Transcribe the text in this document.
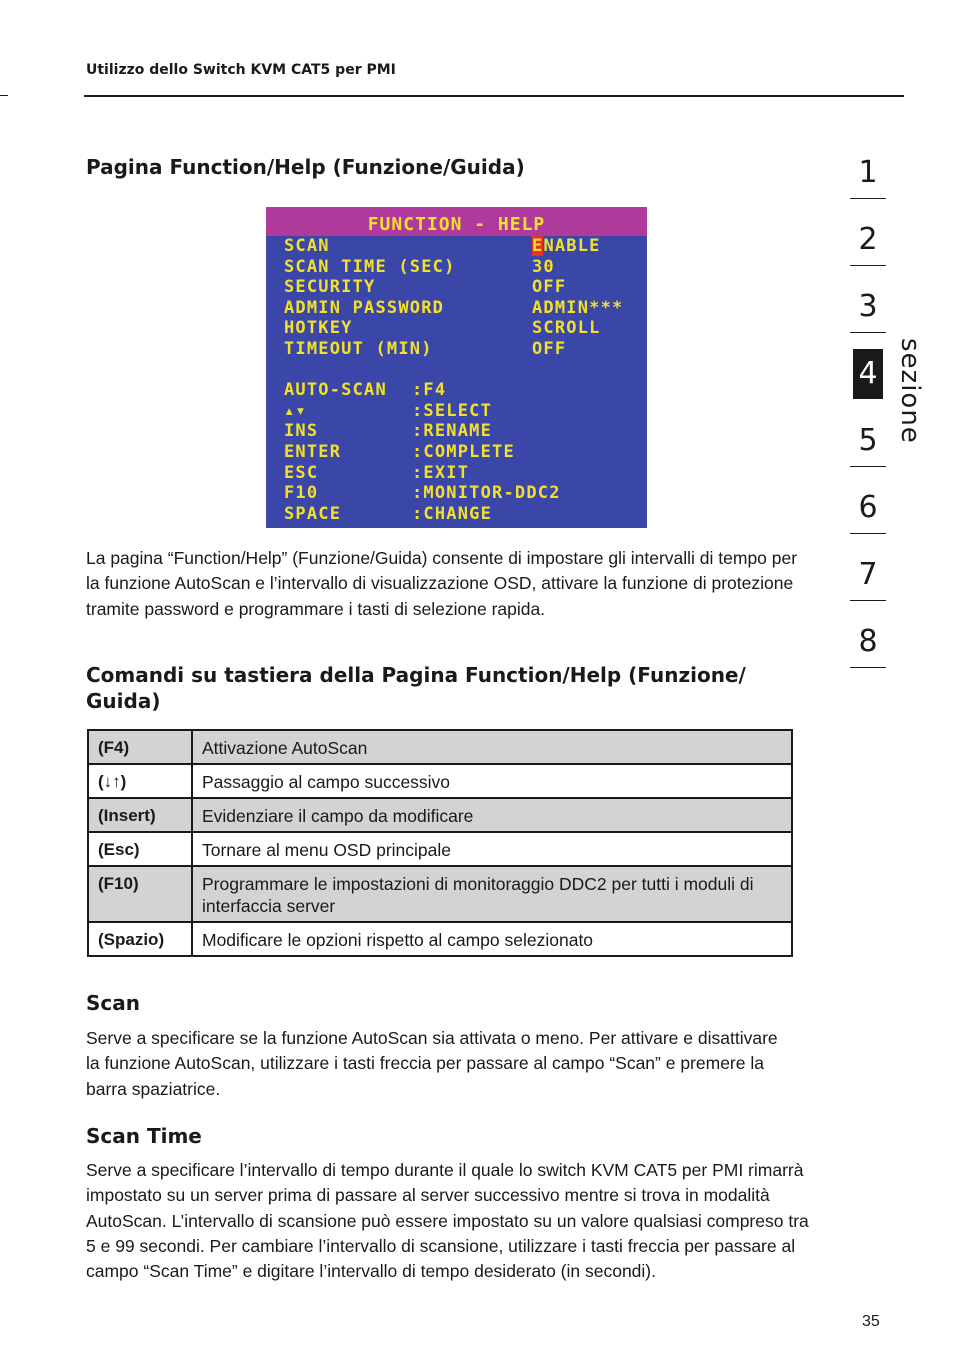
Utilizzo dello Switch KVM CAT5 per PMI
Pagina Function/Help (Funzione/Guida)
FUNCTION - HELP
SCAN	ENABLE
SCAN TIME (SEC)	30
SECURITY	OFF
ADMIN PASSWORD	ADMIN***
HOTKEY	SCROLL
TIMEOUT (MIN)	OFF
AUTO-SCAN :F4
▴▾	:SELECT
INS	:RENAME
ENTER	:COMPLETE
ESC	:EXIT
F10	:MONITOR-DDC2
SPACE	:CHANGE

La pagina “Function/Help” (Funzione/Guida) consente di impostare gli intervalli di tempo per la funzione AutoScan e l’intervallo di visualizzazione OSD, attivare la funzione di protezione tramite password e programmare i tasti di selezione rapida.

Comandi su tastiera della Pagina Function/Help (Funzione/ Guida)
(F4)	Attivazione AutoScan
(↓↑)	Passaggio al campo successivo
(Insert)	Evidenziare il campo da modificare
(Esc)	Tornare al menu OSD principale
(F10)	Programmare le impostazioni di monitoraggio DDC2 per tutti i moduli di interfaccia server
(Spazio)	Modificare le opzioni rispetto al campo selezionato
Scan

Serve a specificare se la funzione AutoScan sia attivata o meno. Per attivare e disattivare la funzione AutoScan, utilizzare i tasti freccia per passare al campo “Scan” e premere la barra spaziatrice.

Scan Time

Serve a specificare l’intervallo di tempo durante il quale lo switch KVM CAT5 per PMI rimarrà impostato su un server prima di passare al server successivo mentre si trova in modalità AutoScan. L’intervallo di scansione può essere impostato su un valore qualsiasi compreso tra 5 e 99 secondi. Per cambiare l’intervallo di scansione, utilizzare i tasti freccia per passare al campo “Scan Time” e digitare l’intervallo di tempo desiderato (in secondi).

1
2
3
4
5
6
7
8
sezione
35
